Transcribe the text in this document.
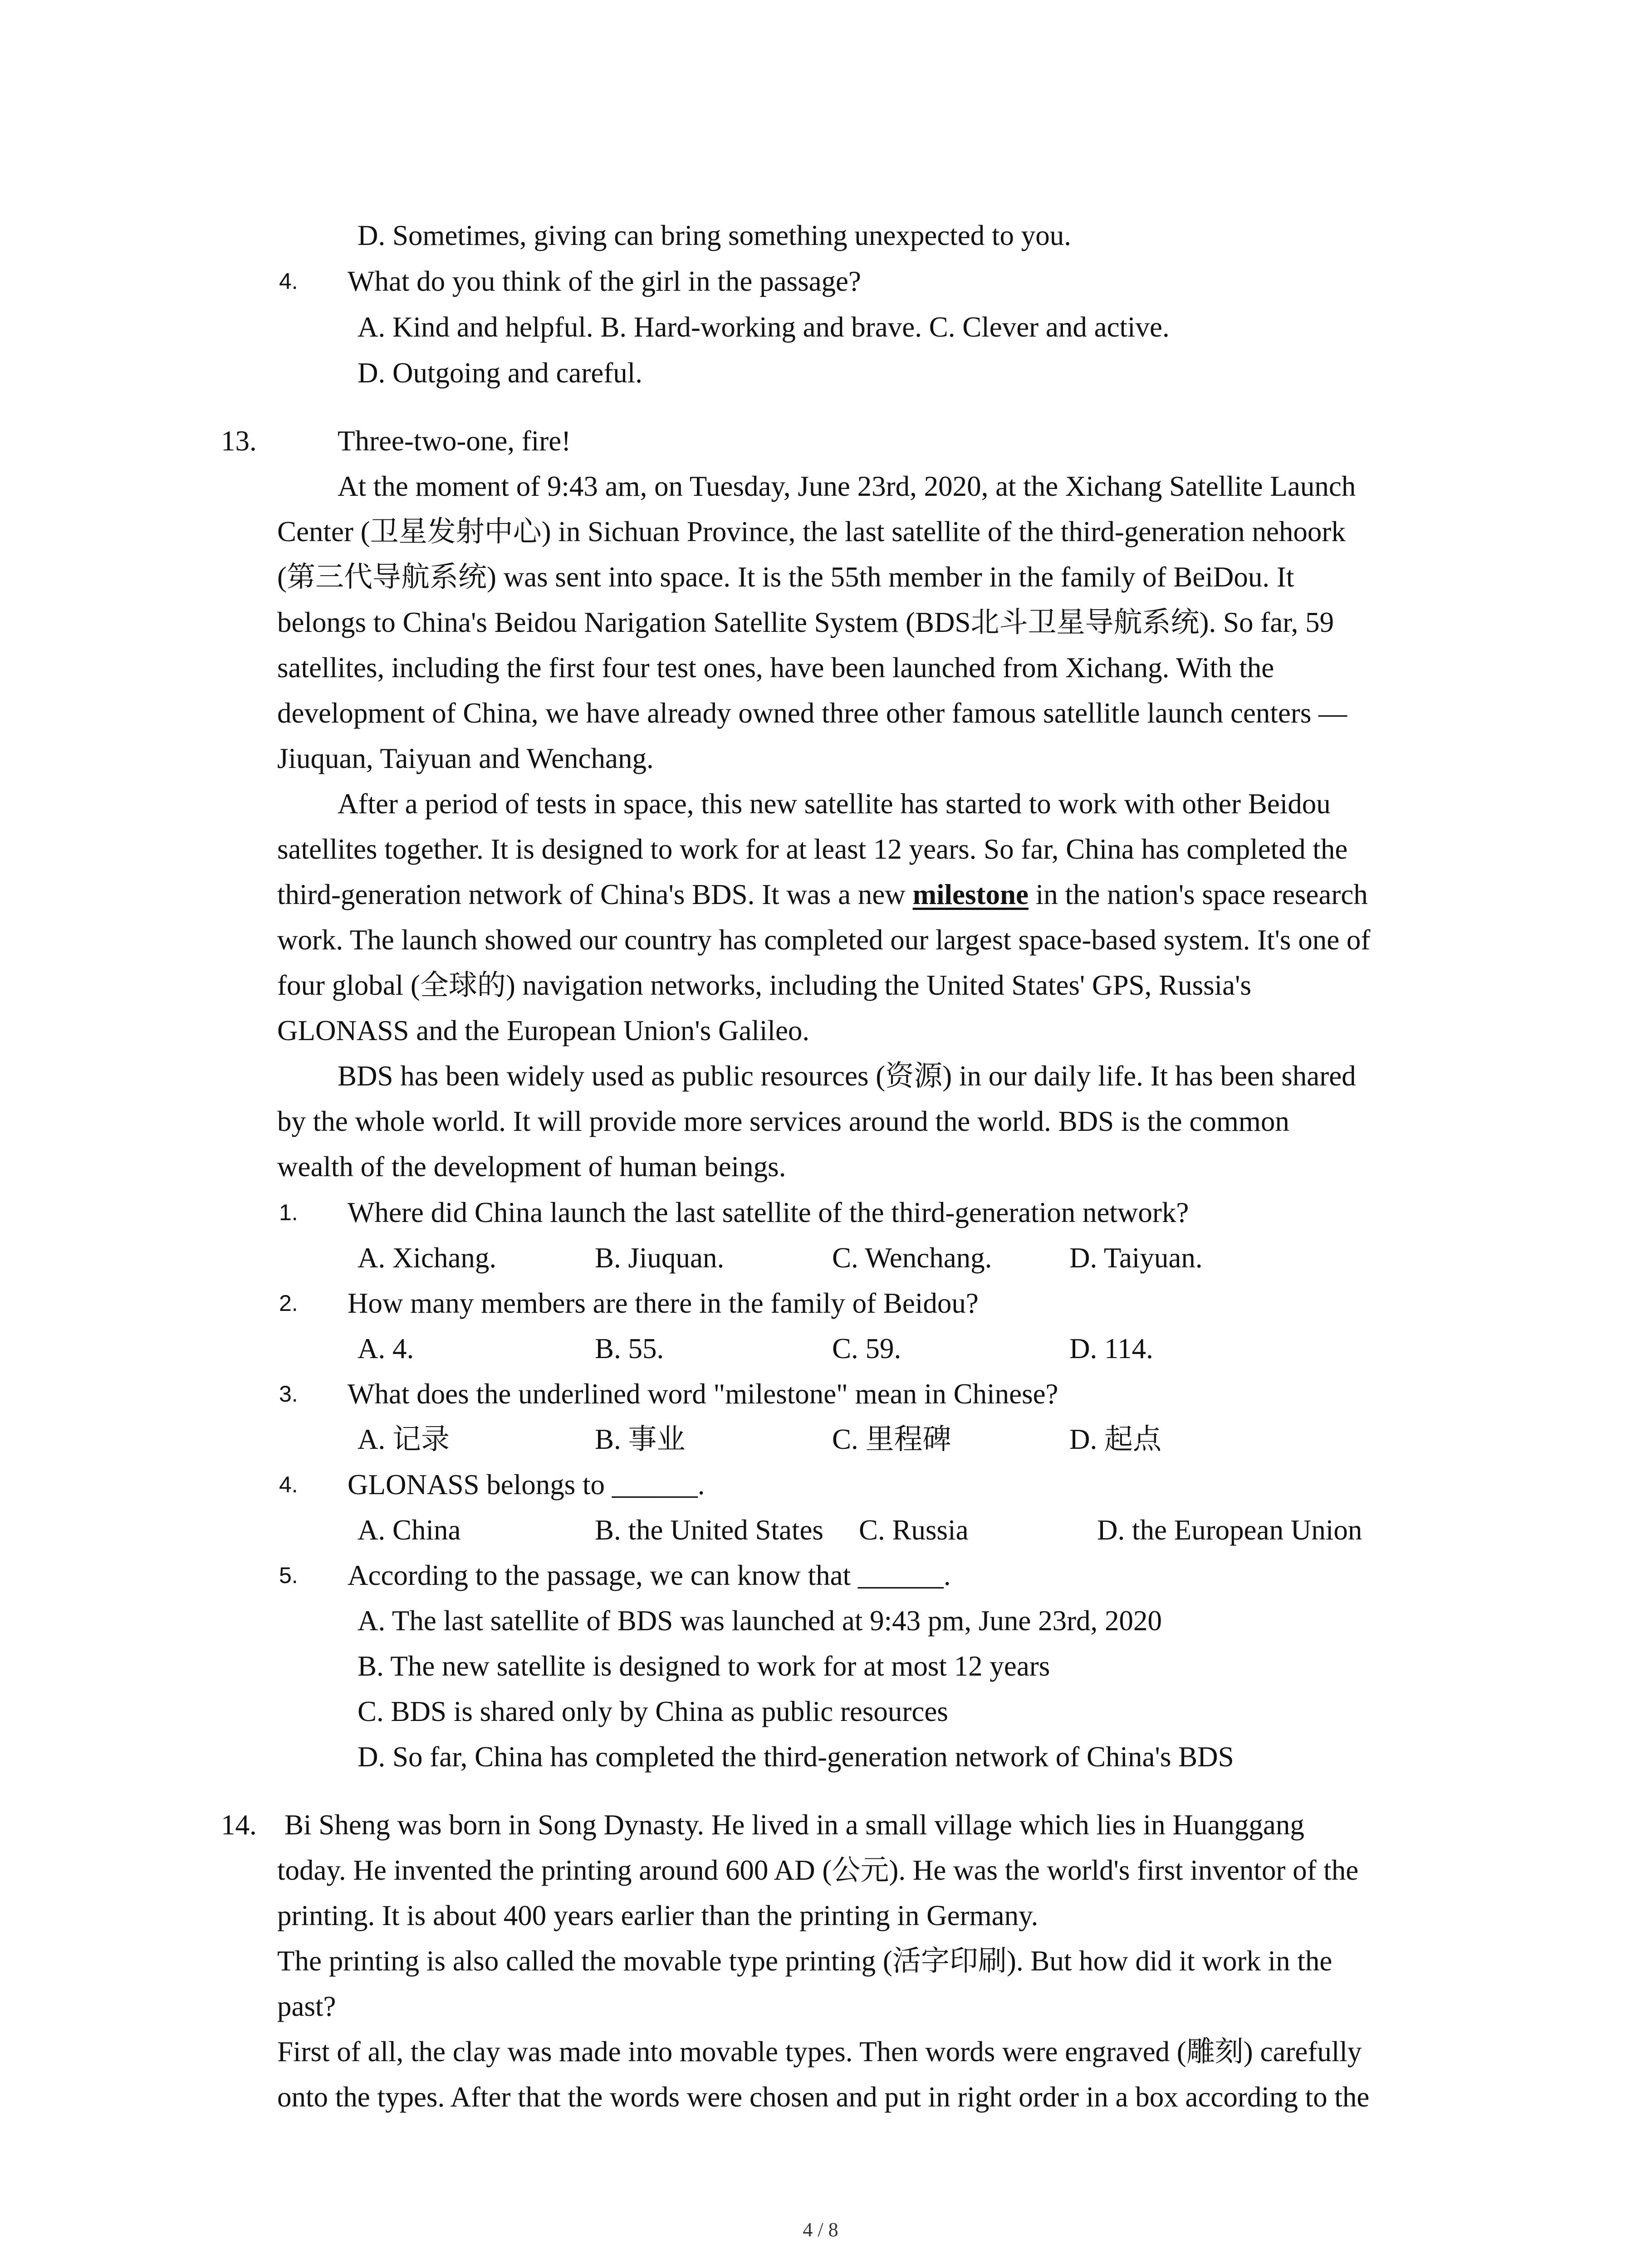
D. Sometimes, giving can bring something unexpected to you.
4. What do you think of the girl in the passage?
A. Kind and helpful. B. Hard-working and brave. C. Clever and active.
D. Outgoing and careful.
13.	Three-two-one, fire!
At the moment of 9:43 am, on Tuesday, June 23rd, 2020, at the Xichang Satellite Launch
Center (卫星发射中心) in Sichuan Province, the last satellite of the third-generation nehoork
(第三代导航系统) was sent into space. It is the 55th member in the family of BeiDou. It
belongs to China's Beidou Narigation Satellite System (BDS北斗卫星导航系统). So far, 59
satellites, including the first four test ones, have been launched from Xichang. With the
development of China, we have already owned three other famous satellitle launch centers —
Jiuquan, Taiyuan and Wenchang.
After a period of tests in space, this new satellite has started to work with other Beidou
satellites together. It is designed to work for at least 12 years. So far, China has completed the
third-generation network of China's BDS. It was a new milestone in the nation's space research
work. The launch showed our country has completed our largest space-based system. It's one of
four global (全球的) navigation networks, including the United States' GPS, Russia's
GLONASS and the European Union's Galileo.
BDS has been widely used as public resources (资源) in our daily life. It has been shared
by the whole world. It will provide more services around the world. BDS is the common
wealth of the development of human beings.
1. Where did China launch the last satellite of the third-generation network?
A. Xichang.	B. Jiuquan.	C. Wenchang.	D. Taiyuan.
2. How many members are there in the family of Beidou?
A. 4.	B. 55.	C. 59.	D. 114.
3. What does the underlined word "milestone" mean in Chinese?
A. 记录	B. 事业	C. 里程碑	D. 起点
4. GLONASS belongs to ______.
A. China	B. the United States C. Russia	D. the European Union
5. According to the passage, we can know that ______.
A. The last satellite of BDS was launched at 9:43 pm, June 23rd, 2020
B. The new satellite is designed to work for at most 12 years
C. BDS is shared only by China as public resources
D. So far, China has completed the third-generation network of China's BDS
14. Bi Sheng was born in Song Dynasty. He lived in a small village which lies in Huanggang
today. He invented the printing around 600 AD (公元). He was the world's first inventor of the
printing. It is about 400 years earlier than the printing in Germany.
The printing is also called the movable type printing (活字印刷). But how did it work in the
past?
First of all, the clay was made into movable types. Then words were engraved (雕刻) carefully
onto the types. After that the words were chosen and put in right order in a box according to the
4 / 8
